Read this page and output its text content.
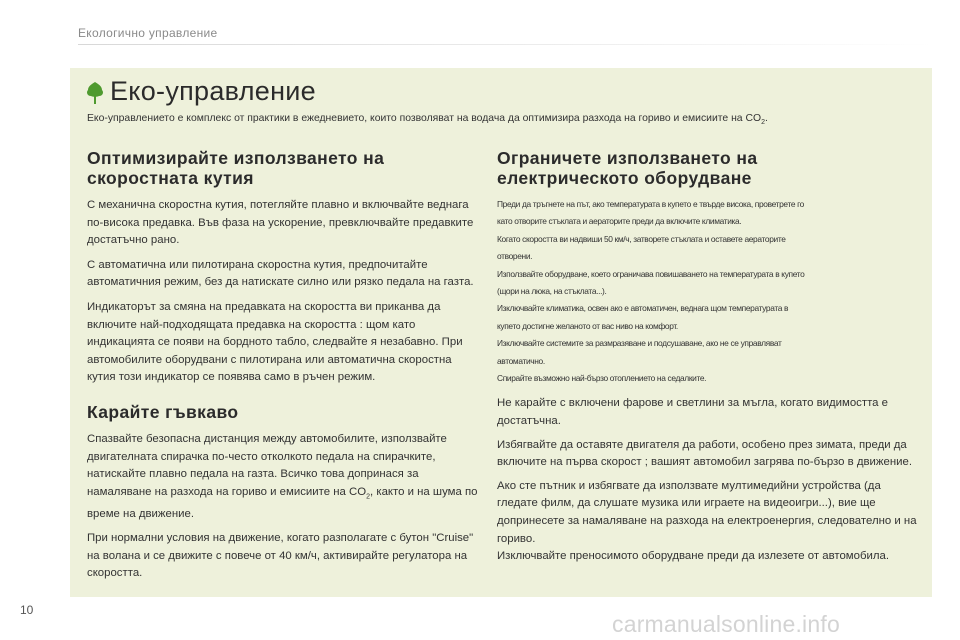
Екологично управление
Еко-управление
Еко-управлението е комплекс от практики в ежедневието, които позволяват на водача да оптимизира разхода на гориво и емисиите на $CO_2$.
Оптимизирайте използването на
скоростната кутия

С механична скоростна кутия, потегляйте плавно и включвайте веднага по-висока предавка. Във фаза на ускорение, превключвайте предавките достатъчно рано.

С автоматична или пилотирана скоростна кутия, предпочитайте автоматичния режим, без да натискате силно или рязко педала на газта.

Индикаторът за смяна на предавката на скоростта ви приканва да включите най-подходящата предавка на скоростта : щом като индикацията се появи на бордното табло, следвайте я незабавно. При автомобилите оборудвани с пилотирана или автоматична скоростна кутия този индикатор се появява само в ръчен режим.

Карайте гъвкаво

Спазвайте безопасна дистанция между автомобилите, използвайте двигателната спирачка по-често отколкото педала на спирачките, натискайте плавно педала на газта. Всичко това допринася за намаляване на разхода на гориво и емисиите на $CO_2$, както и на шума по време на движение.

При нормални условия на движение, когато разполагате с бутон "Cruise" на волана и се движите с повече от 40 км/ч, активирайте регулатора на скоростта.

Ограничете използването на
електрическото оборудване

Преди да тръгнете на път, ако температурата в купето е твърде висока, проветрете го

като отворите стъклата и аераторите преди да включите климатика.

Когато скоростта ви надвиши 50 км/ч, затворете стъклата и оставете аераторите

отворени.

Използвайте оборудване, което ограничава повишаването на температурата в купето

(щори на люка, на стъклата...).

Изключвайте климатика, освен ако е автоматичен, веднага щом температурата в

купето достигне желаното от вас ниво на комфорт.

Изключвайте системите за размразяване и подсушаване, ако не се управляват

автоматично.

Спирайте възможно най-бързо отоплението на седалките.

Не карайте с включени фарове и светлини за мъгла, когато видимостта е достатъчна.

Избягвайте да оставяте двигателя да работи, особено през зимата, преди да включите на първа скорост ; вашият автомобил загрява по-бързо в движение.

Ако сте пътник и избягвате да използвате мултимедийни устройства (да гледате филм, да слушате музика или играете на видеоигри...), вие ще допринесете за намаляване на разхода на електроенергия, следователно и на гориво.
Изключвайте преносимото оборудване преди да излезете от автомобила.

10
carmanualsonline.info
